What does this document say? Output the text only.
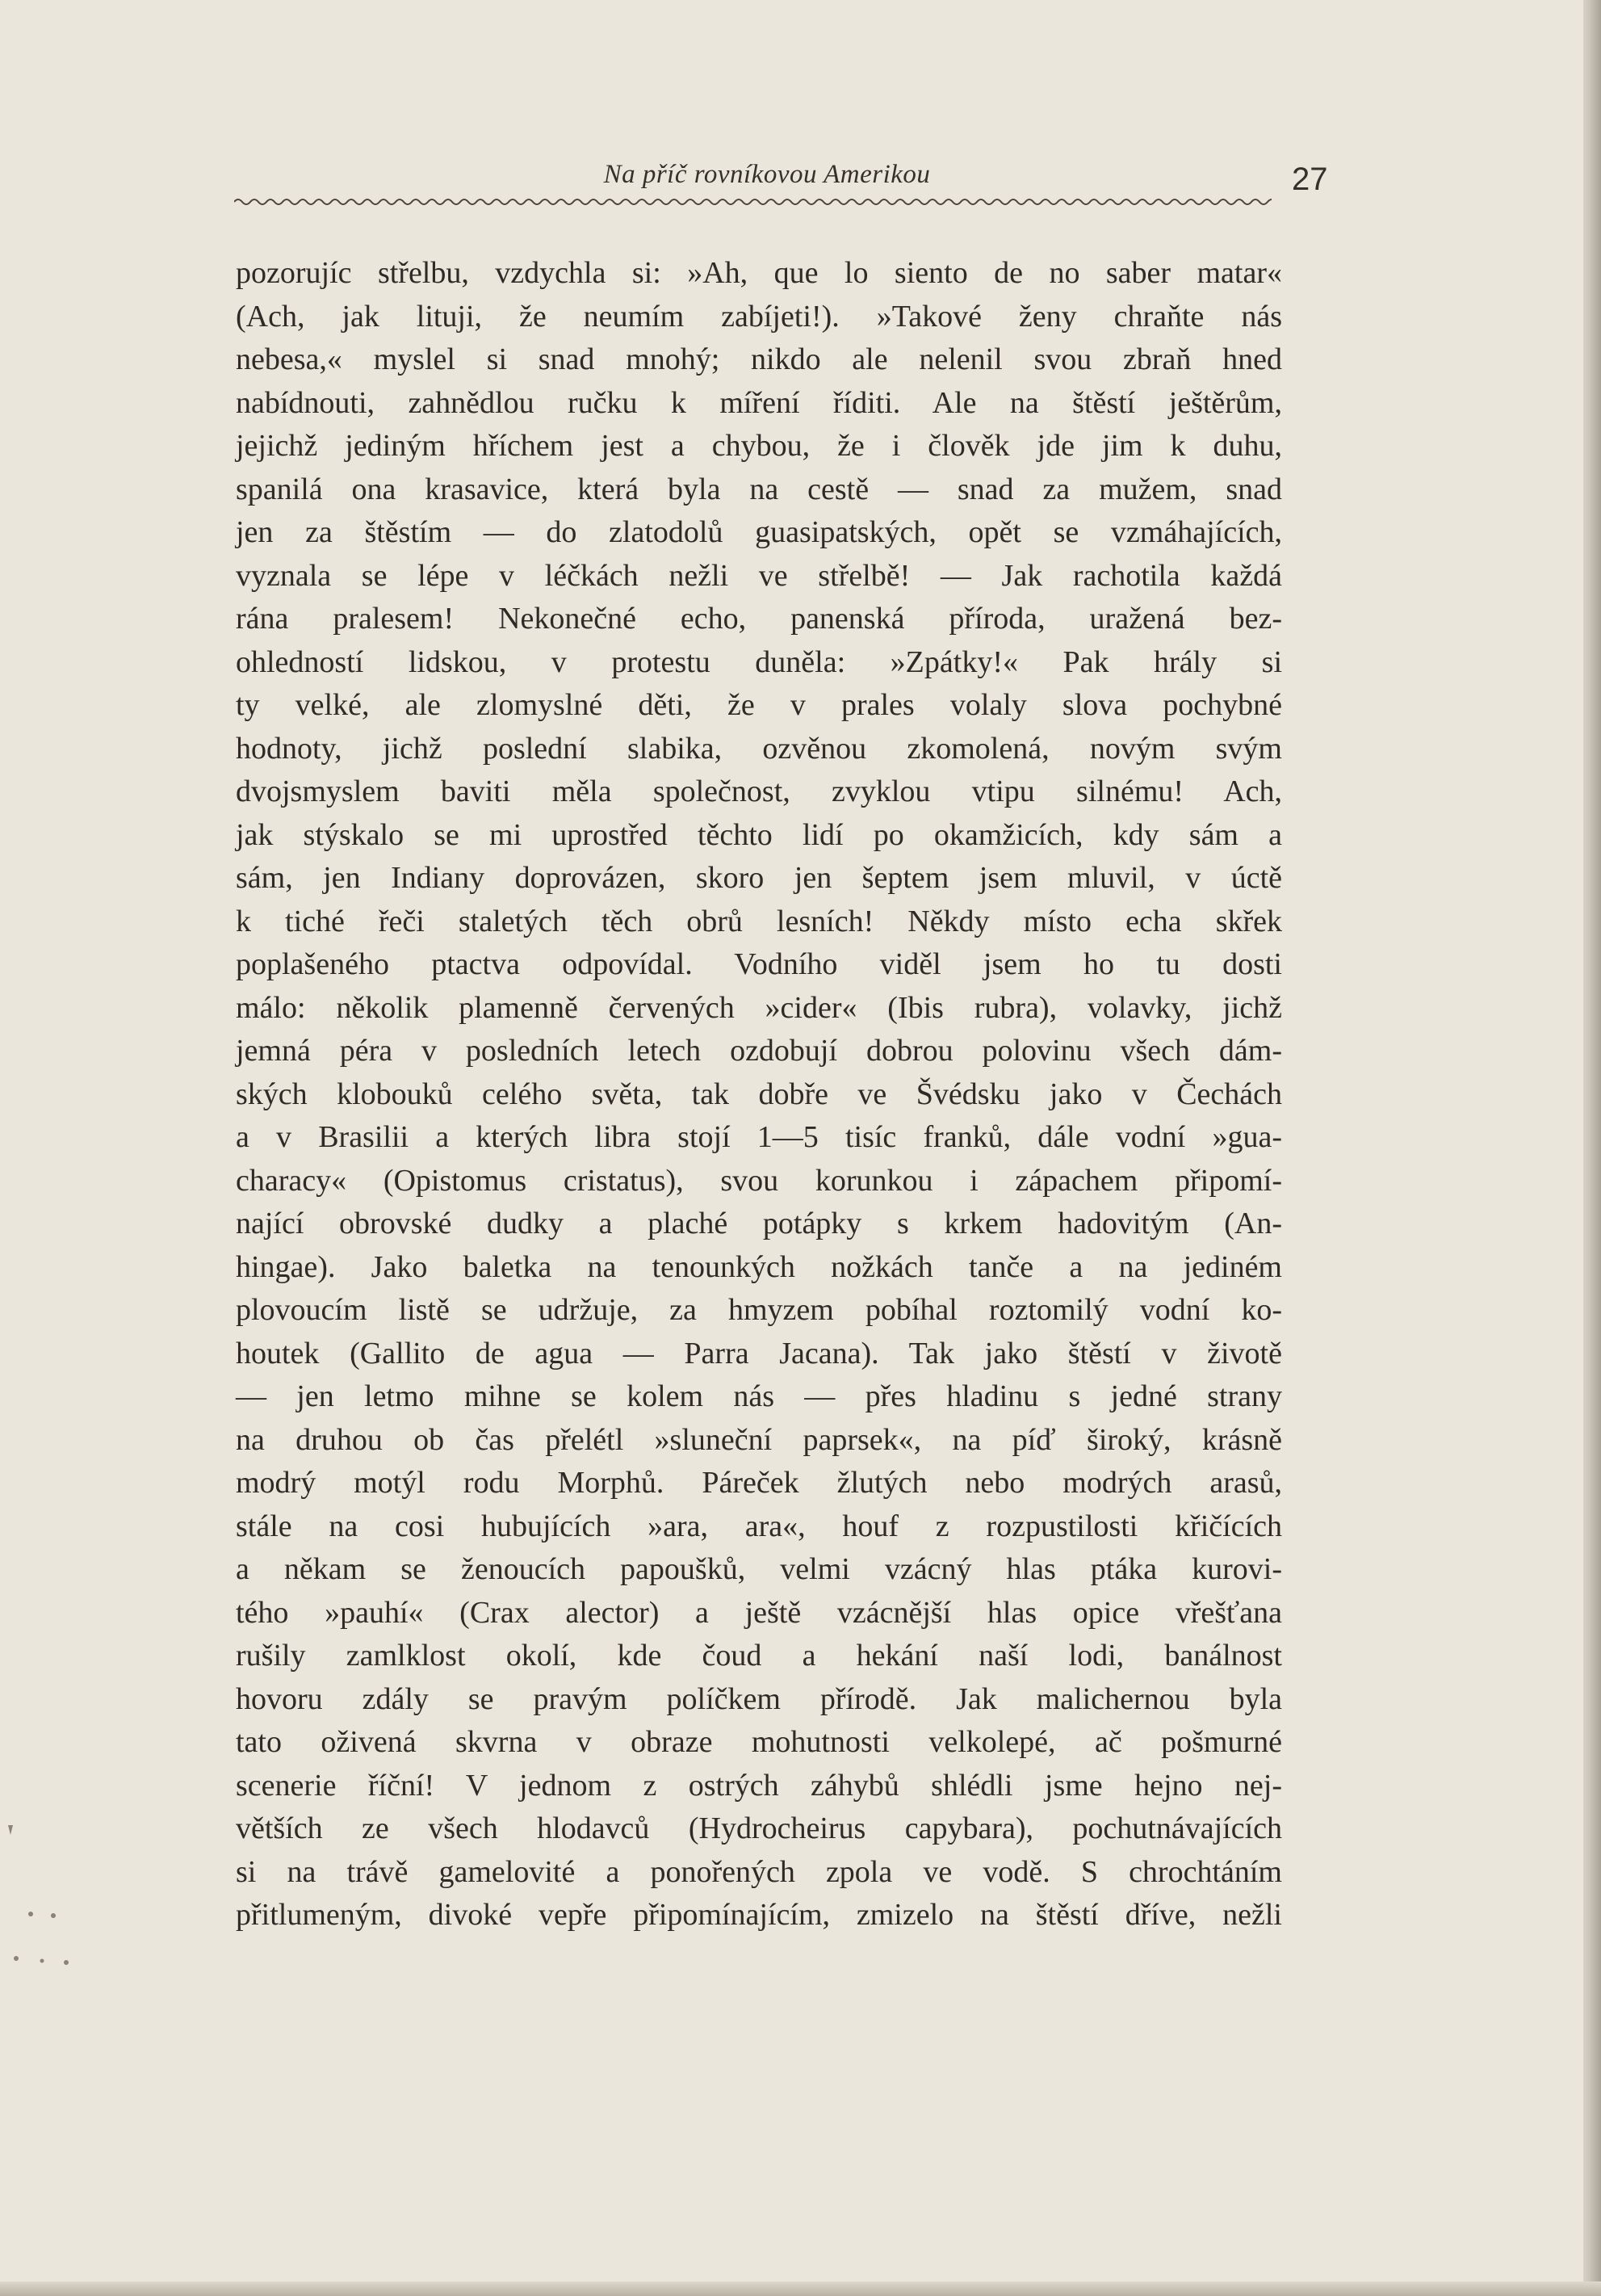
Na příč rovníkovou Amerikou	27
pozorujíc střelbu, vzdychla si: »Ah, que lo siento de no saber matar«
(Ach, jak lituji, že neumím zabíjeti!). »Takové ženy chraňte nás
nebesa,« myslel si snad mnohý; nikdo ale nelenil svou zbraň hned
nabídnouti, zahnědlou ručku k míření říditi. Ale na štěstí ještěrům,
jejichž jediným hříchem jest a chybou, že i člověk jde jim k duhu,
spanilá ona krasavice, která byla na cestě — snad za mužem, snad
jen za štěstím — do zlatodolů guasipatských, opět se vzmáhajících,
vyznala se lépe v léčkách nežli ve střelbě! — Jak rachotila každá
rána pralesem! Nekonečné echo, panenská příroda, uražená bez-
ohledností lidskou, v protestu duněla: »Zpátky!« Pak hrály si
ty velké, ale zlomyslné děti, že v prales volaly slova pochybné
hodnoty, jichž poslední slabika, ozvěnou zkomolená, novým svým
dvojsmyslem baviti měla společnost, zvyklou vtipu silnému! Ach,
jak stýskalo se mi uprostřed těchto lidí po okamžicích, kdy sám a
sám, jen Indiany doprovázen, skoro jen šeptem jsem mluvil, v úctě
k tiché řeči staletých těch obrů lesních! Někdy místo echa skřek
poplašeného ptactva odpovídal. Vodního viděl jsem ho tu dosti
málo: několik plamenně červených »cider« (Ibis rubra), volavky, jichž
jemná péra v posledních letech ozdobují dobrou polovinu všech dám-
ských klobouků celého světa, tak dobře ve Švédsku jako v Čechách
a v Brasilii a kterých libra stojí 1—5 tisíc franků, dále vodní »gua-
characy« (Opistomus cristatus), svou korunkou i zápachem připomí-
nající obrovské dudky a plaché potápky s krkem hadovitým (An-
hingae). Jako baletka na tenounkých nožkách tanče a na jediném
plovoucím listě se udržuje, za hmyzem pobíhal roztomilý vodní ko-
houtek (Gallito de agua — Parra Jacana). Tak jako štěstí v životě
— jen letmo mihne se kolem nás — přes hladinu s jedné strany
na druhou ob čas přelétl »sluneční paprsek«, na píď široký, krásně
modrý motýl rodu Morphů. Páreček žlutých nebo modrých arasů,
stále na cosi hubujících »ara, ara«, houf z rozpustilosti křičících
a někam se ženoucích papoušků, velmi vzácný hlas ptáka kurovi-
tého »pauhí« (Crax alector) a ještě vzácnější hlas opice vřešťana
rušily zamlklost okolí, kde čoud a hekání naší lodi, banálnost
hovoru zdály se pravým políčkem přírodě. Jak malichernou byla
tato oživená skvrna v obraze mohutnosti velkolepé, ač pošmurné
scenerie říční! V jednom z ostrých záhybů shlédli jsme hejno nej-
větších ze všech hlodavců (Hydrocheirus capybara), pochutnávajících
si na trávě gamelovité a ponořených zpola ve vodě. S chrochtáním
přitlumeným, divoké vepře připomínajícím, zmizelo na štěstí dříve, nežli
